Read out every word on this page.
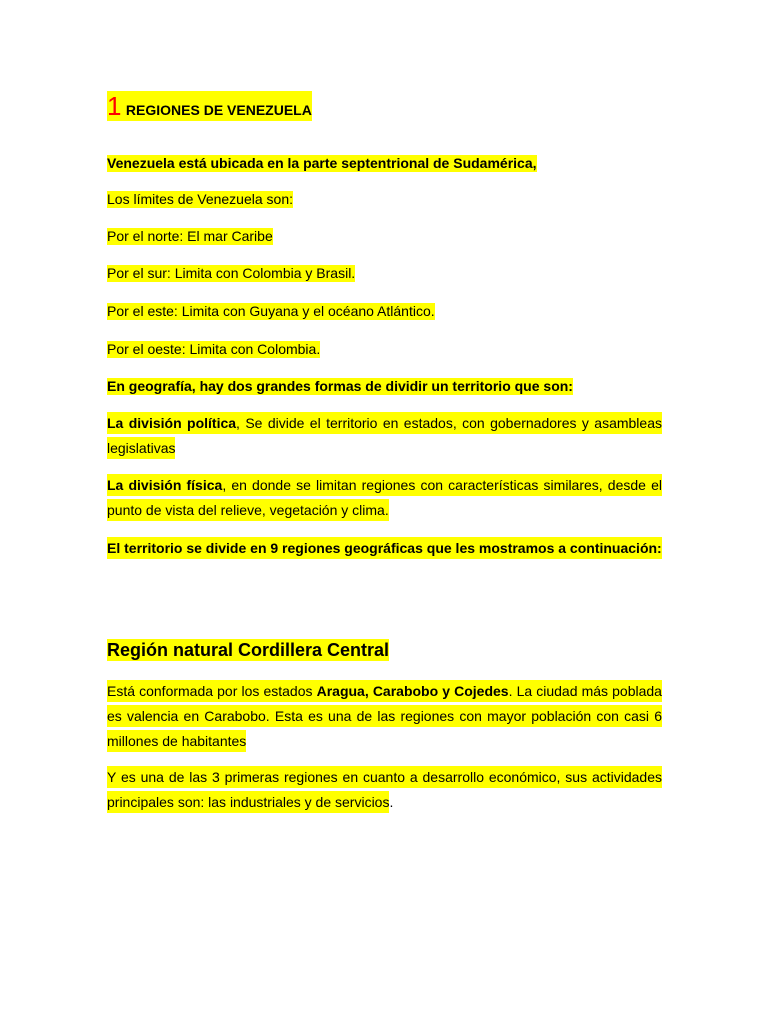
1 REGIONES DE VENEZUELA
Venezuela está ubicada en la parte septentrional de Sudamérica,
Los límites de Venezuela son:
Por el norte: El mar Caribe
Por el sur: Limita con Colombia y Brasil.
Por el este: Limita con Guyana y el océano Atlántico.
Por el oeste: Limita con Colombia.
En geografía, hay dos grandes formas de dividir un territorio que son:
La división política, Se divide el territorio en estados, con gobernadores y asambleas legislativas
La división física, en donde se limitan regiones con características similares, desde el punto de vista del relieve, vegetación y clima.
El territorio se divide en 9 regiones geográficas que les mostramos a continuación:
Región natural Cordillera Central
Está conformada por los estados Aragua, Carabobo y Cojedes. La ciudad más poblada es valencia en Carabobo. Esta es una de las regiones con mayor población con casi 6 millones de habitantes
Y es una de las 3 primeras regiones en cuanto a desarrollo económico, sus actividades principales son: las industriales y de servicios.
